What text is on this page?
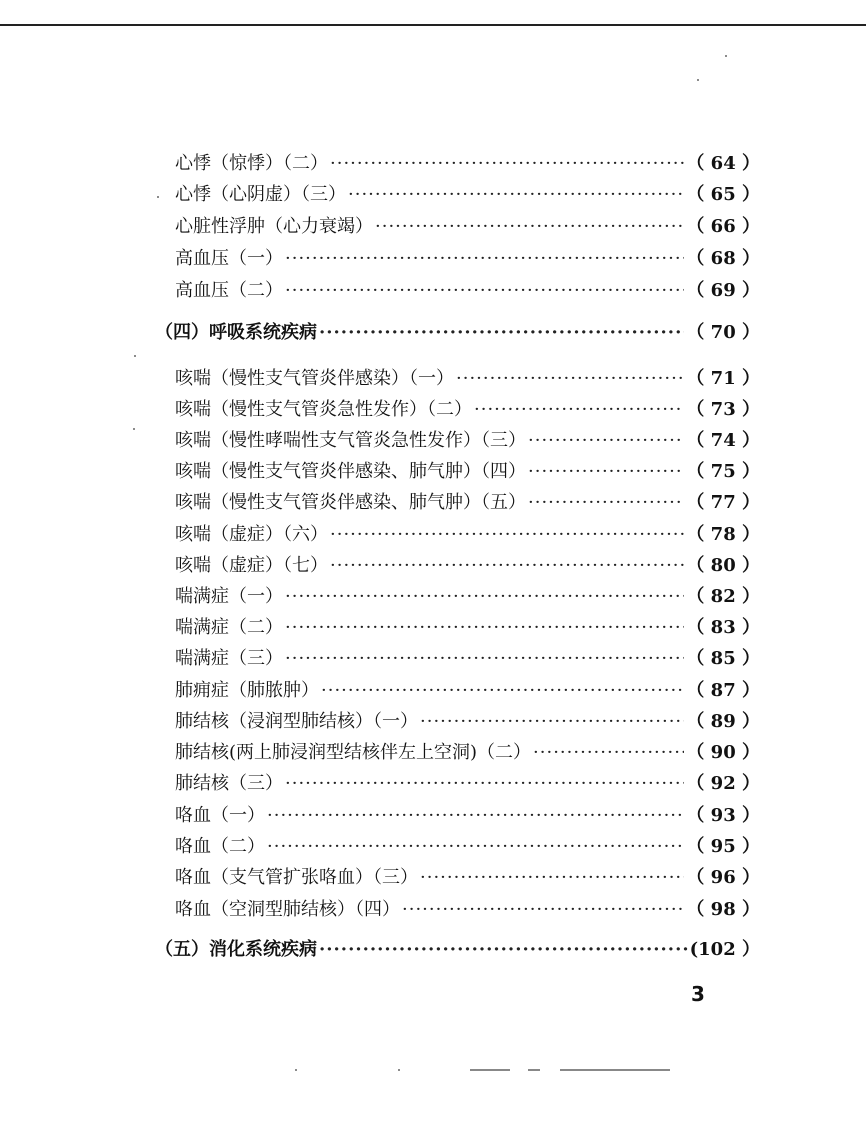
心悸（惊悸）（二） ·····	（ 64 ）
心悸（心阴虚）（三） ·····	（ 65 ）
心脏性浮肿（心力衰竭） ·····	（ 66 ）
高血压（一） ·····	（ 68 ）
高血压（二） ·····	（ 69 ）
（四）呼吸系统疾病 ·····	（ 70 ）
咳喘（慢性支气管炎伴感染）（一） ·····	（ 71 ）
咳喘（慢性支气管炎急性发作）（二） ·····	（ 73 ）
咳喘（慢性哮喘性支气管炎急性发作）（三） ·····	（ 74 ）
咳喘（慢性支气管炎伴感染、肺气肿）（四） ·····	（ 75 ）
咳喘（慢性支气管炎伴感染、肺气肿）（五） ·····	（ 77 ）
咳喘（虚症）（六） ·····	（ 78 ）
咳喘（虚症）（七） ·····	（ 80 ）
喘满症（一） ·····	（ 82 ）
喘满症（二） ·····	（ 83 ）
喘满症（三） ·····	（ 85 ）
肺痈症（肺脓肿） ·····	（ 87 ）
肺结核（浸润型肺结核）（一） ·····	（ 89 ）
肺结核(两上肺浸润型结核伴左上空洞)（二） ·····	（ 90 ）
肺结核（三） ·····	（ 92 ）
咯血（一） ·····	（ 93 ）
咯血（二） ·····	（ 95 ）
咯血（支气管扩张咯血）（三） ·····	（ 96 ）
咯血（空洞型肺结核）（四） ·····	（ 98 ）
（五）消化系统疾病 ·····	(102 ）
3
